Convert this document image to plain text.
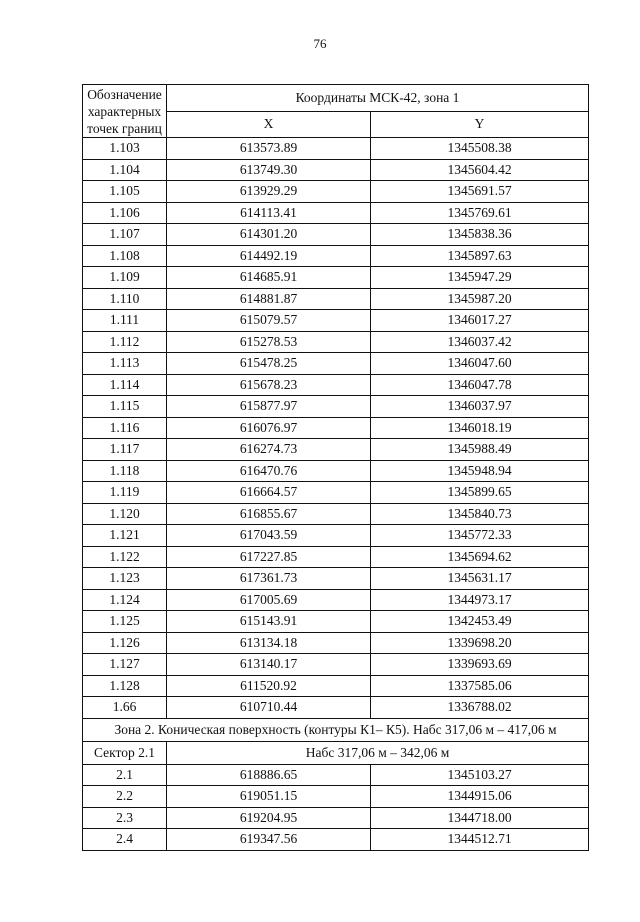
76
Обозначение
характерных
точек границ	Координаты МСК-42, зона 1	
	X	Y
1.103	613573.89	1345508.38
1.104	613749.30	1345604.42
1.105	613929.29	1345691.57
1.106	614113.41	1345769.61
1.107	614301.20	1345838.36
1.108	614492.19	1345897.63
1.109	614685.91	1345947.29
1.110	614881.87	1345987.20
1.111	615079.57	1346017.27
1.112	615278.53	1346037.42
1.113	615478.25	1346047.60
1.114	615678.23	1346047.78
1.115	615877.97	1346037.97
1.116	616076.97	1346018.19
1.117	616274.73	1345988.49
1.118	616470.76	1345948.94
1.119	616664.57	1345899.65
1.120	616855.67	1345840.73
1.121	617043.59	1345772.33
1.122	617227.85	1345694.62
1.123	617361.73	1345631.17
1.124	617005.69	1344973.17
1.125	615143.91	1342453.49
1.126	613134.18	1339698.20
1.127	613140.17	1339693.69
1.128	611520.92	1337585.06
1.66	610710.44	1336788.02
Зона 2. Коническая поверхность (контуры К1– К5). Набс 317,06 м – 417,06 м		
Сектор 2.1	Набс 317,06 м – 342,06 м	
2.1	618886.65	1345103.27
2.2	619051.15	1344915.06
2.3	619204.95	1344718.00
2.4	619347.56	1344512.71
